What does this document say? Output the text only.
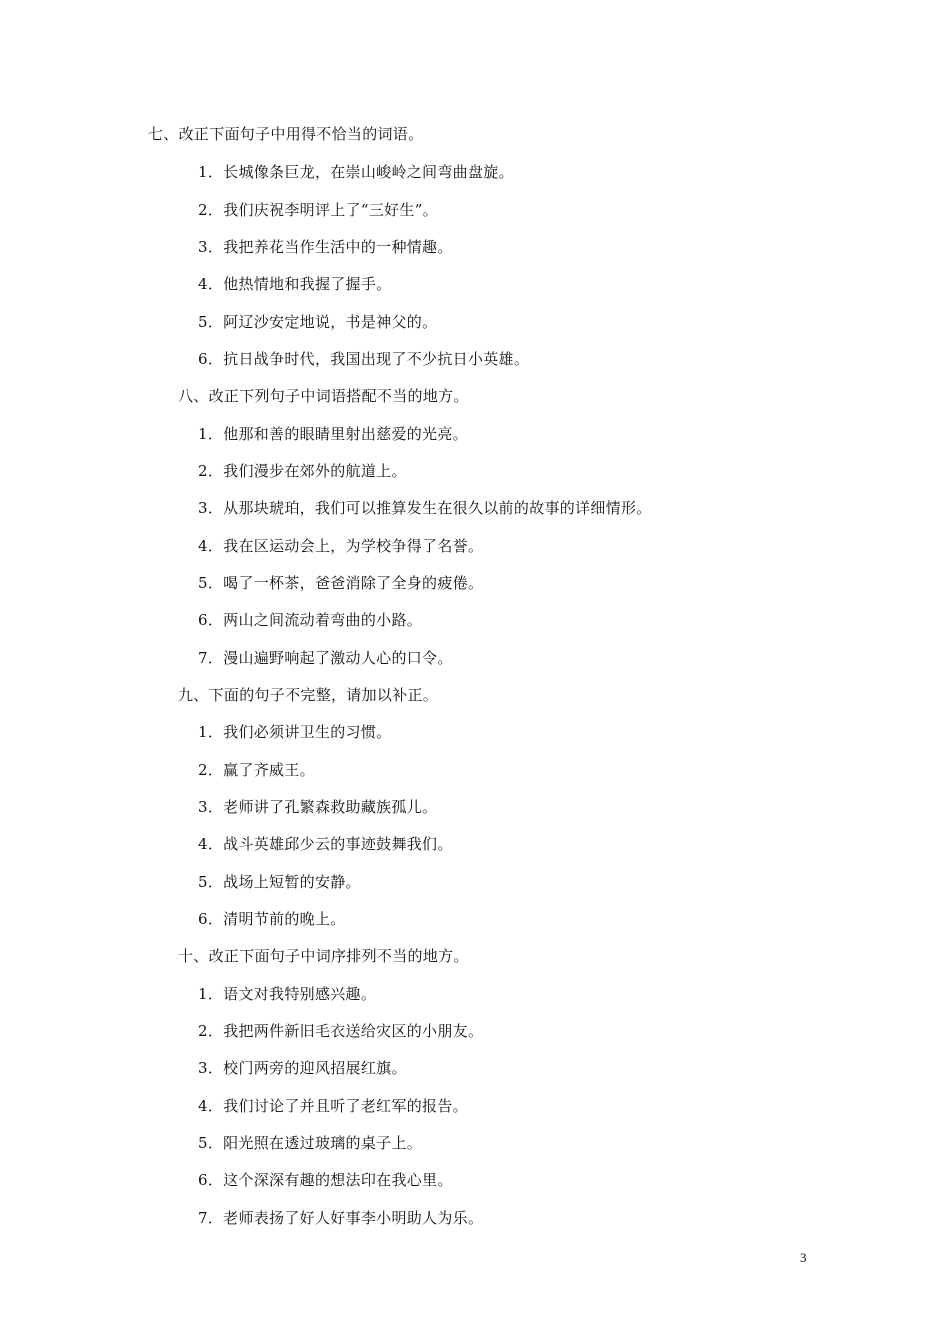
七、改正下面句子中用得不恰当的词语。
1．长城像条巨龙，在崇山峻岭之间弯曲盘旋。
2．我们庆祝李明评上了“三好生”。
3．我把养花当作生活中的一种情趣。
4．他热情地和我握了握手。
5．阿辽沙安定地说，书是神父的。
6．抗日战争时代，我国出现了不少抗日小英雄。
八、改正下列句子中词语搭配不当的地方。
1．他那和善的眼睛里射出慈爱的光亮。
2．我们漫步在郊外的航道上。
3．从那块琥珀，我们可以推算发生在很久以前的故事的详细情形。
4．我在区运动会上，为学校争得了名誉。
5．喝了一杯茶，爸爸消除了全身的疲倦。
6．两山之间流动着弯曲的小路。
7．漫山遍野响起了激动人心的口令。
九、下面的句子不完整，请加以补正。
1．我们必须讲卫生的习惯。
2．赢了齐威王。
3．老师讲了孔繁森救助藏族孤儿。
4．战斗英雄邱少云的事迹鼓舞我们。
5．战场上短暂的安静。
6．清明节前的晚上。
十、改正下面句子中词序排列不当的地方。
1．语文对我特别感兴趣。
2．我把两件新旧毛衣送给灾区的小朋友。
3．校门两旁的迎风招展红旗。
4．我们讨论了并且听了老红军的报告。
5．阳光照在透过玻璃的桌子上。
6．这个深深有趣的想法印在我心里。
7．老师表扬了好人好事李小明助人为乐。
3
